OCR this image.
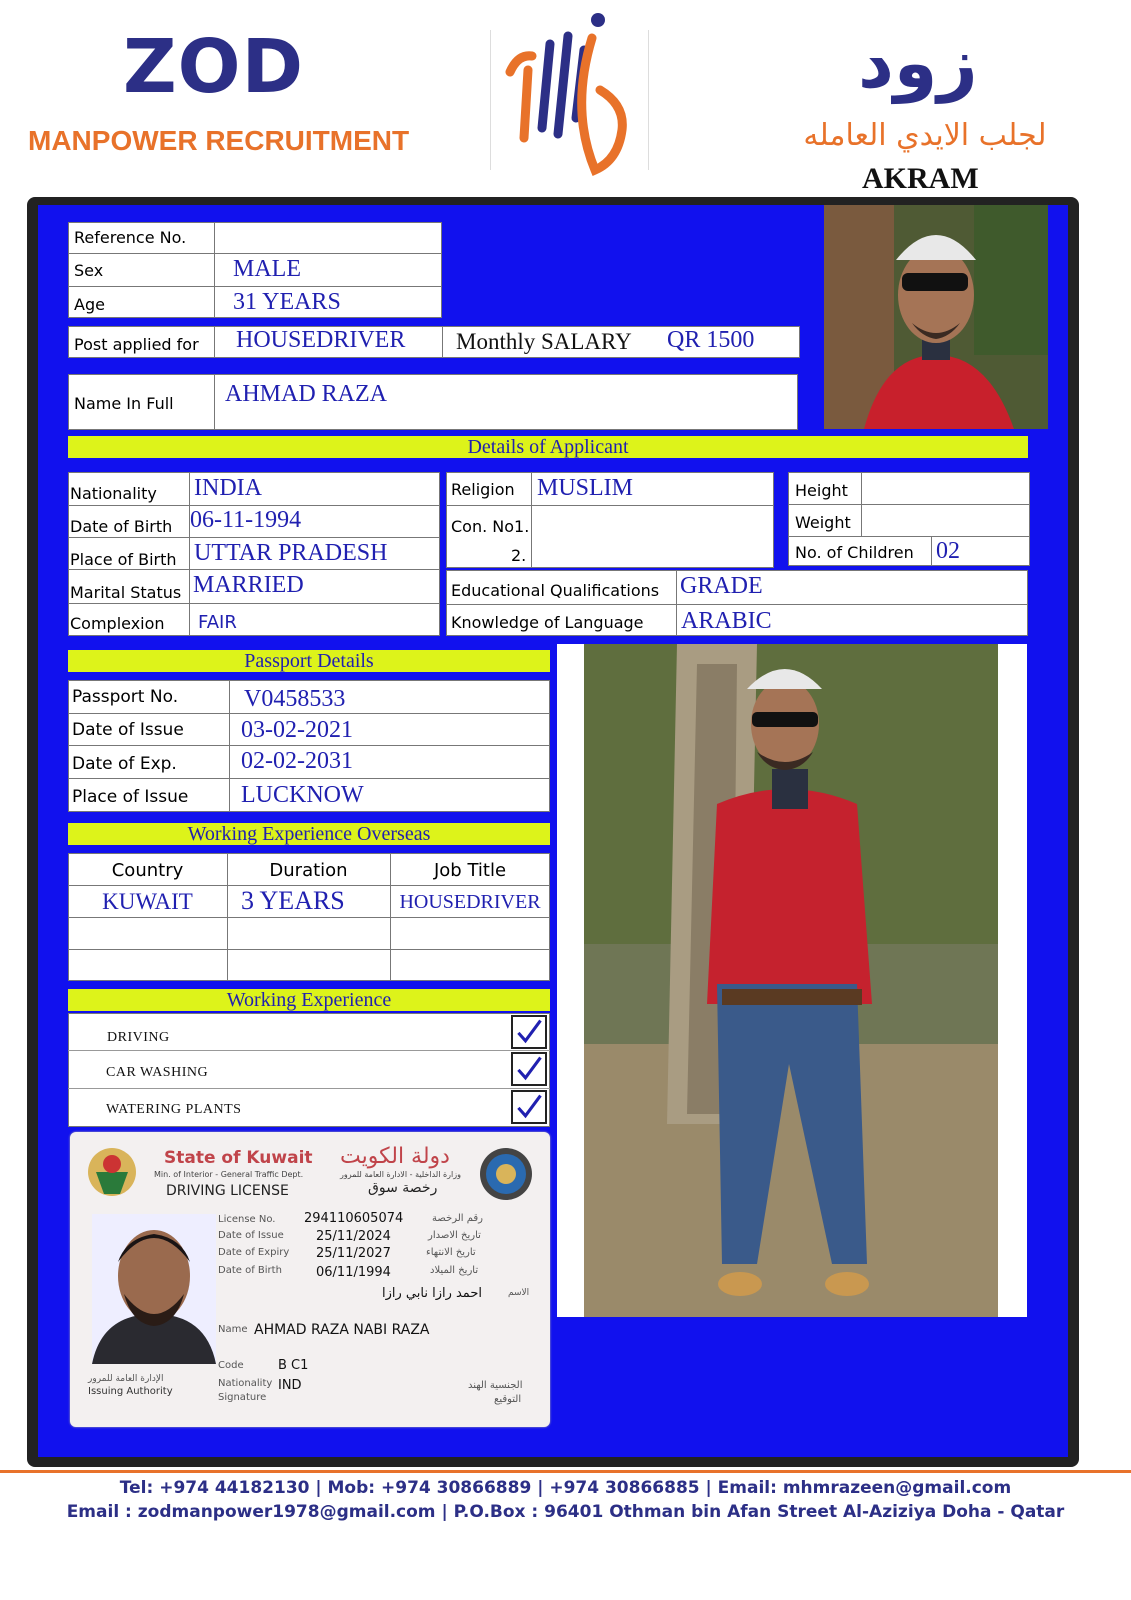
ZOD
MANPOWER RECRUITMENT
زود
لجلب الايدي العامله
AKRAM
Reference No.
Sex	MALE
Age	31 YEARS
Post applied for HOUSEDRIVER Monthly SALARY QR 1500
Name In Full AHMAD RAZA
Details of Applicant
Nationality INDIA
Date of Birth 06-11-1994
Place of Birth UTTAR PRADESH
Marital Status MARRIED
Complexion FAIR
Religion MUSLIM
Con. No1.
2.
Height
Weight
No. of Children 02
Educational Qualifications GRADE
Knowledge of Language ARABIC
Passport Details
Passport No.	V0458533
Date of Issue 03-02-2021
Date of Exp.	02-02-2031
Place of Issue LUCKNOW
Working Experience Overseas
Country	Duration	Job Title
KUWAIT	3 YEARS	HOUSEDRIVER
Working Experience
DRIVING
CAR WASHING
WATERING PLANTS
State of Kuwait دولة الكويت
Min. of Interior - General Traffic Dept.	وزارة الداخلية - الادارة العامة للمرور
DRIVING LICENSE	رخصة سوق
License No. 294110605074	رقم الرخصة
Date of Issue 25/11/2024	تاريخ الاصدار
Date of Expiry 25/11/2027	تاريخ الانتهاء
Date of Birth	06/11/1994	تاريخ الميلاد
احمد رازا نابي رازا	الاسم
Name AHMAD RAZA NABI RAZA
Code	B C1
Nationality IND	الجنسية الهند
Signature	التوقيع
الإدارة العامة للمرور
Issuing Authority
Tel: +974 44182130 | Mob: +974 30866889 | +974 30866885 | Email: mhmrazeen@gmail.com
Email : zodmanpower1978@gmail.com | P.O.Box : 96401 Othman bin Afan Street Al-Aziziya Doha - Qatar
